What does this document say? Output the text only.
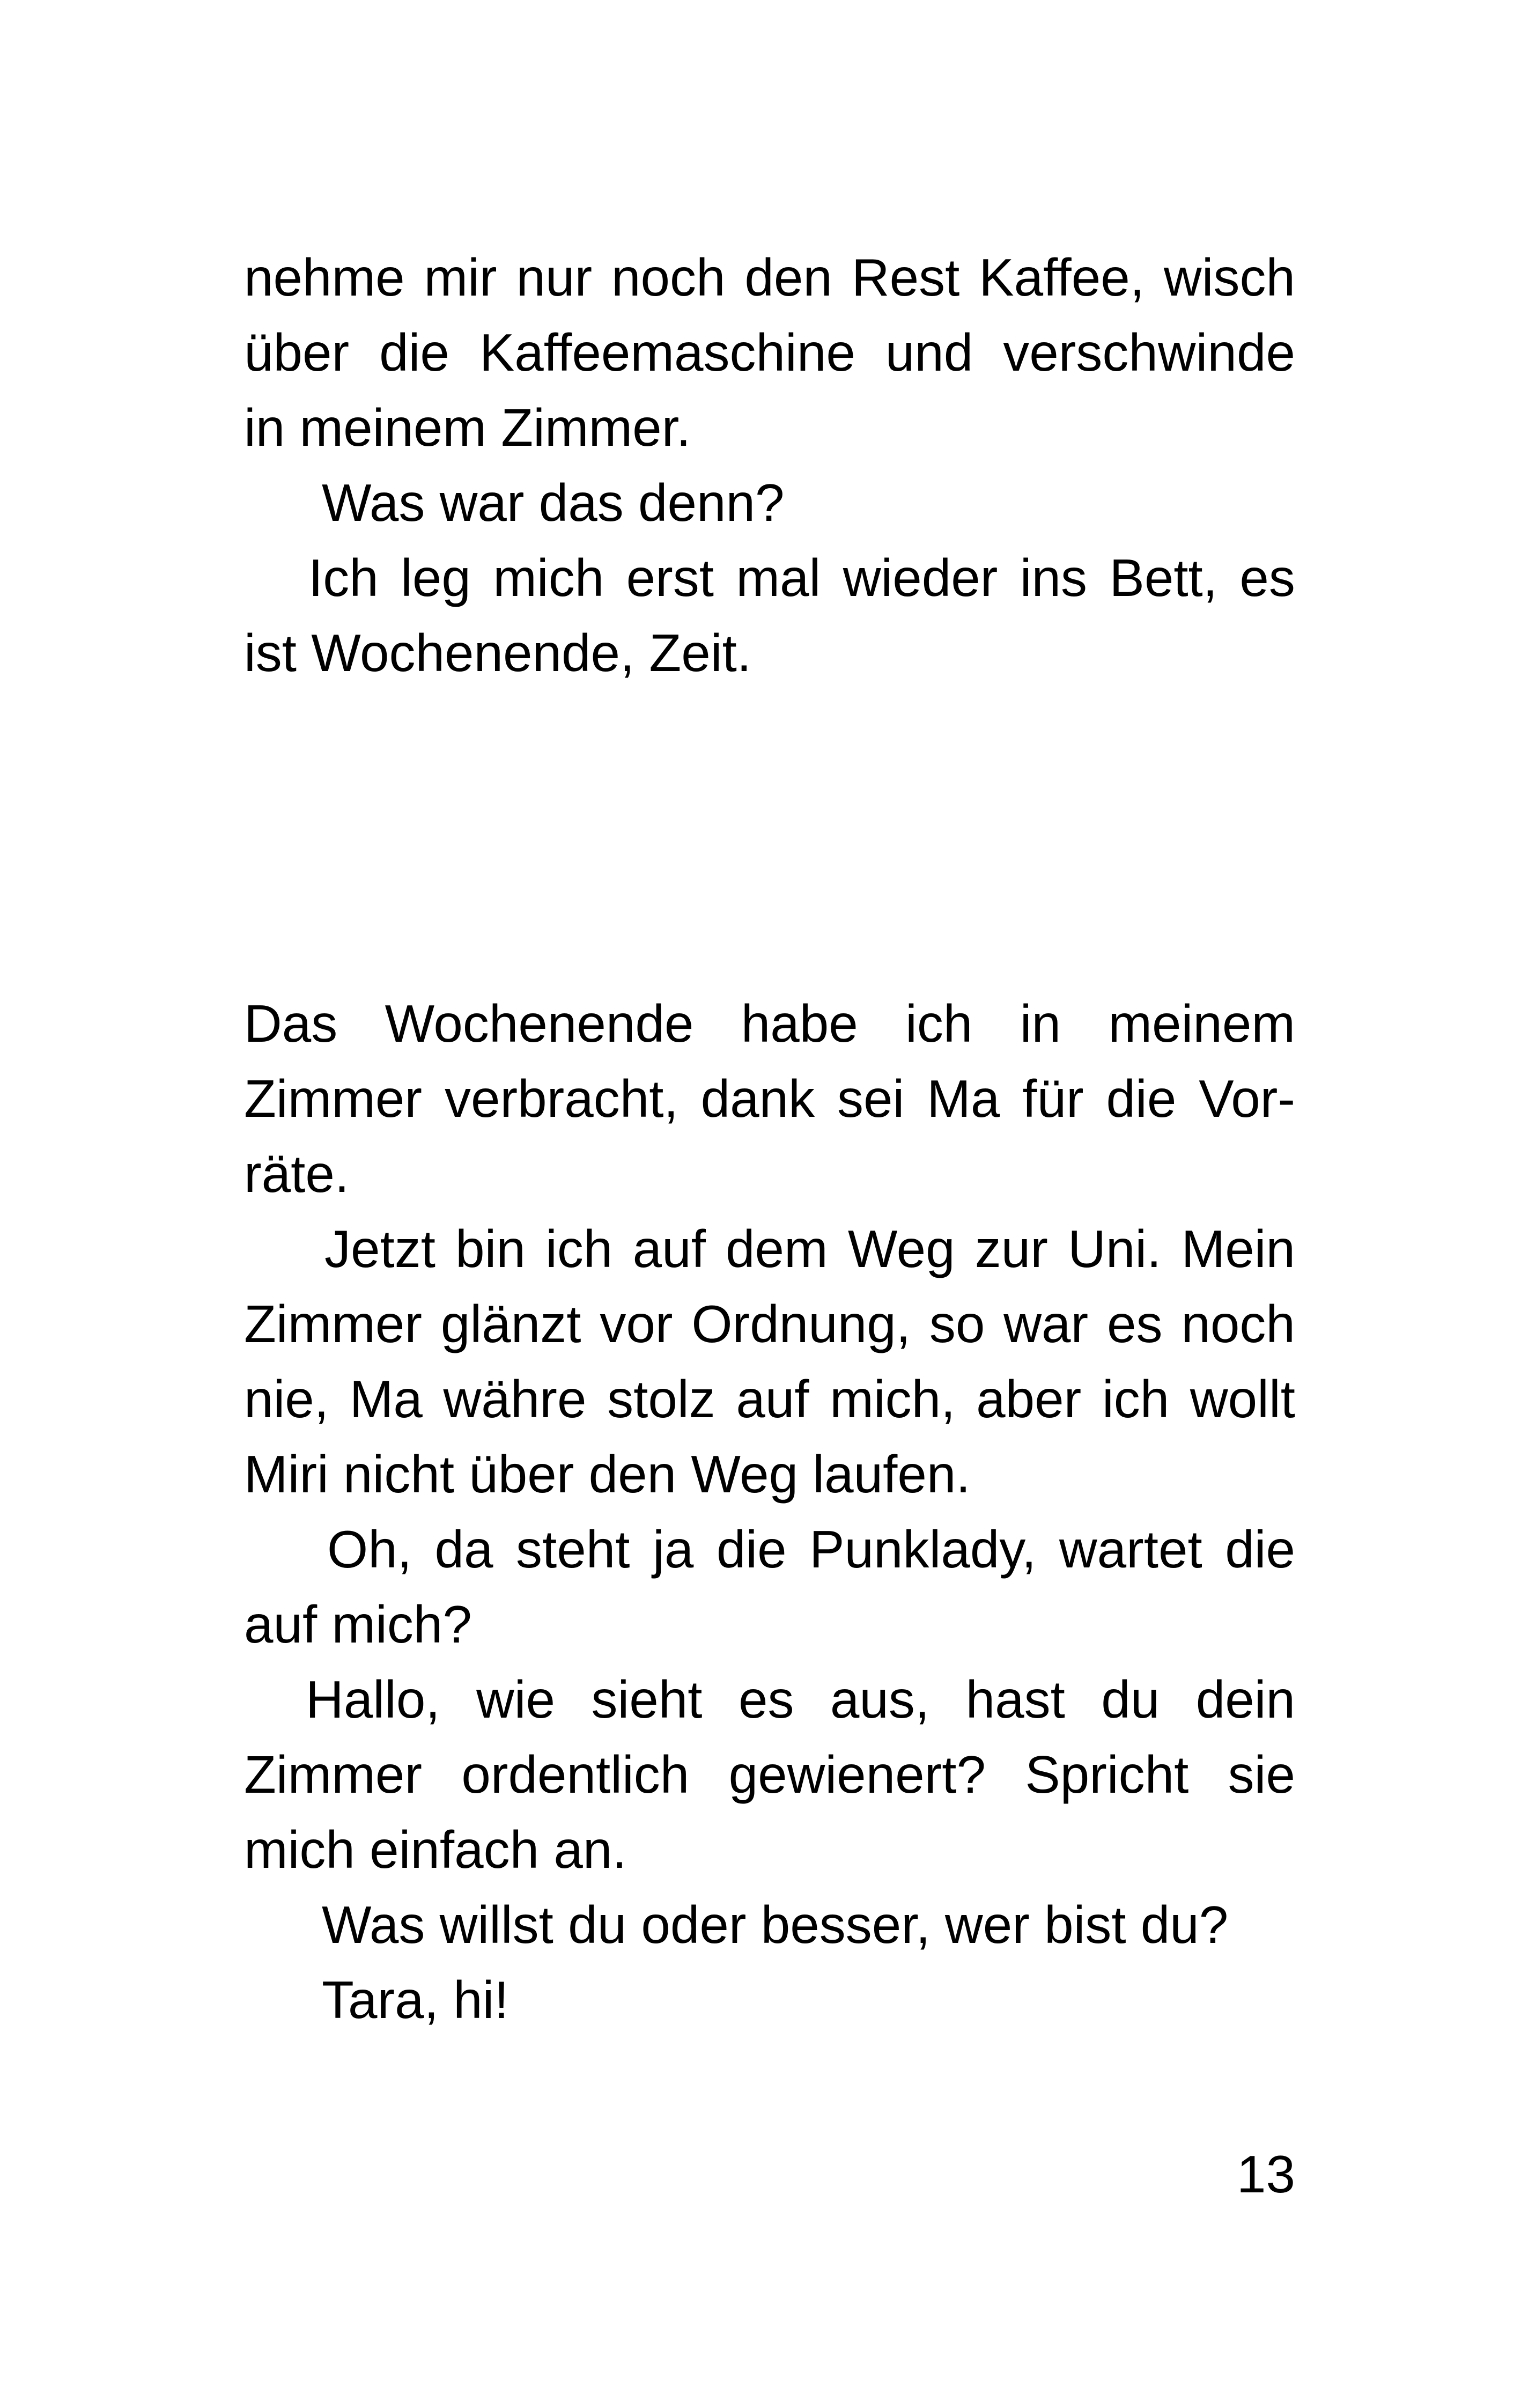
nehme mir nur noch den Rest Kaffee, wisch
über die Kaffeemaschine und verschwinde
in meinem Zimmer.
Was war das denn?
Ich leg mich erst mal wieder ins Bett, es
ist Wochenende, Zeit.
Das Wochenende habe ich in meinem
Zimmer verbracht, dank sei Ma für die Vor-
räte.
Jetzt bin ich auf dem Weg zur Uni. Mein
Zimmer glänzt vor Ordnung, so war es noch
nie, Ma währe stolz auf mich, aber ich wollt
Miri nicht über den Weg laufen.
Oh, da steht ja die Punklady, wartet die
auf mich?
Hallo, wie sieht es aus, hast du dein
Zimmer ordentlich gewienert? Spricht sie
mich einfach an.
Was willst du oder besser, wer bist du?
Tara, hi!
13
